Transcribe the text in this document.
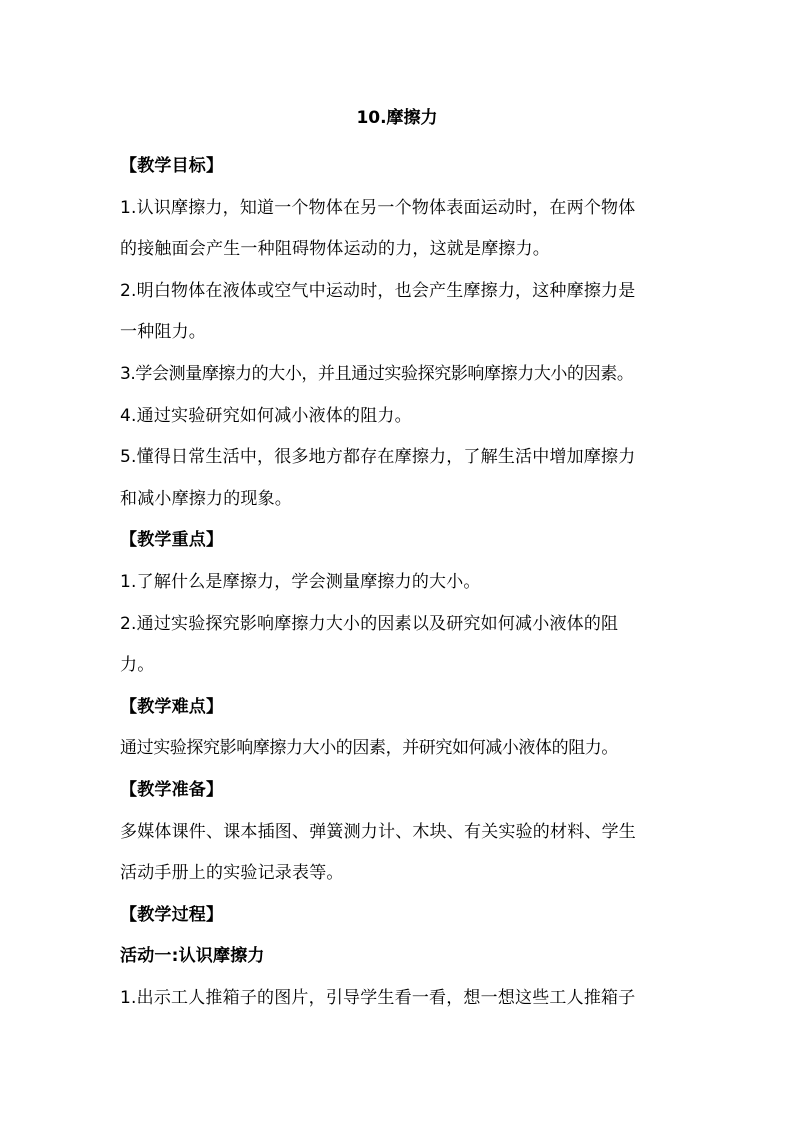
10.摩擦力
【教学目标】
1.认识摩擦力，知道一个物体在另一个物体表面运动时，在两个物体
的接触面会产生一种阻碍物体运动的力，这就是摩擦力。
2.明白物体在液体或空气中运动时，也会产生摩擦力，这种摩擦力是
一种阻力。
3.学会测量摩擦力的大小，并且通过实验探究影响摩擦力大小的因素。
4.通过实验研究如何减小液体的阻力。
5.懂得日常生活中，很多地方都存在摩擦力，了解生活中增加摩擦力
和减小摩擦力的现象。
【教学重点】
1.了解什么是摩擦力，学会测量摩擦力的大小。
2.通过实验探究影响摩擦力大小的因素以及研究如何减小液体的阻
力。
【教学难点】
通过实验探究影响摩擦力大小的因素，并研究如何减小液体的阻力。
【教学准备】
多媒体课件、课本插图、弹簧测力计、木块、有关实验的材料、学生
活动手册上的实验记录表等。
【教学过程】
活动一:认识摩擦力
1.出示工人推箱子的图片，引导学生看一看，想一想这些工人推箱子
